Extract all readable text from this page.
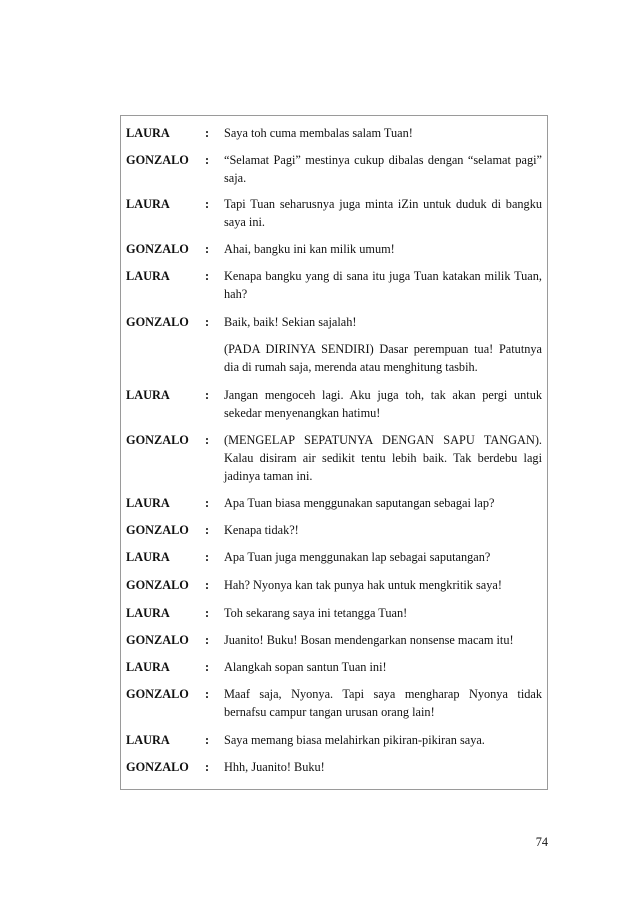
LAURA	:	Saya toh cuma membalas salam Tuan!
GONZALO	:	“Selamat Pagi” mestinya cukup dibalas dengan “selamat pagi” saja.
LAURA	:	Tapi Tuan seharusnya juga minta iZin untuk duduk di bangku saya ini.
GONZALO	:	Ahai, bangku ini kan milik umum!
LAURA	:	Kenapa bangku yang di sana itu juga Tuan katakan milik Tuan, hah?
GONZALO	:	Baik, baik! Sekian sajalah!
(PADA DIRINYA SENDIRI) Dasar perempuan tua! Patutnya dia di rumah saja, merenda atau menghitung tasbih.
LAURA	:	Jangan mengoceh lagi. Aku juga toh, tak akan pergi untuk sekedar menyenangkan hatimu!
GONZALO	:	(MENGELAP SEPATUNYA DENGAN SAPU TANGAN). Kalau disiram air sedikit tentu lebih baik. Tak berdebu lagi jadinya taman ini.
LAURA	:	Apa Tuan biasa menggunakan saputangan sebagai lap?
GONZALO	:	Kenapa tidak?!
LAURA	:	Apa Tuan juga menggunakan lap sebagai saputangan?
GONZALO	:	Hah? Nyonya kan tak punya hak untuk mengkritik saya!
LAURA	:	Toh sekarang saya ini tetangga Tuan!
GONZALO	:	Juanito! Buku! Bosan mendengarkan nonsense macam itu!
LAURA	:	Alangkah sopan santun Tuan ini!
GONZALO	:	Maaf saja, Nyonya. Tapi saya mengharap Nyonya tidak bernafsu campur tangan urusan orang lain!
LAURA	:	Saya memang biasa melahirkan pikiran-pikiran saya.
GONZALO	:	Hhh, Juanito! Buku!
74
